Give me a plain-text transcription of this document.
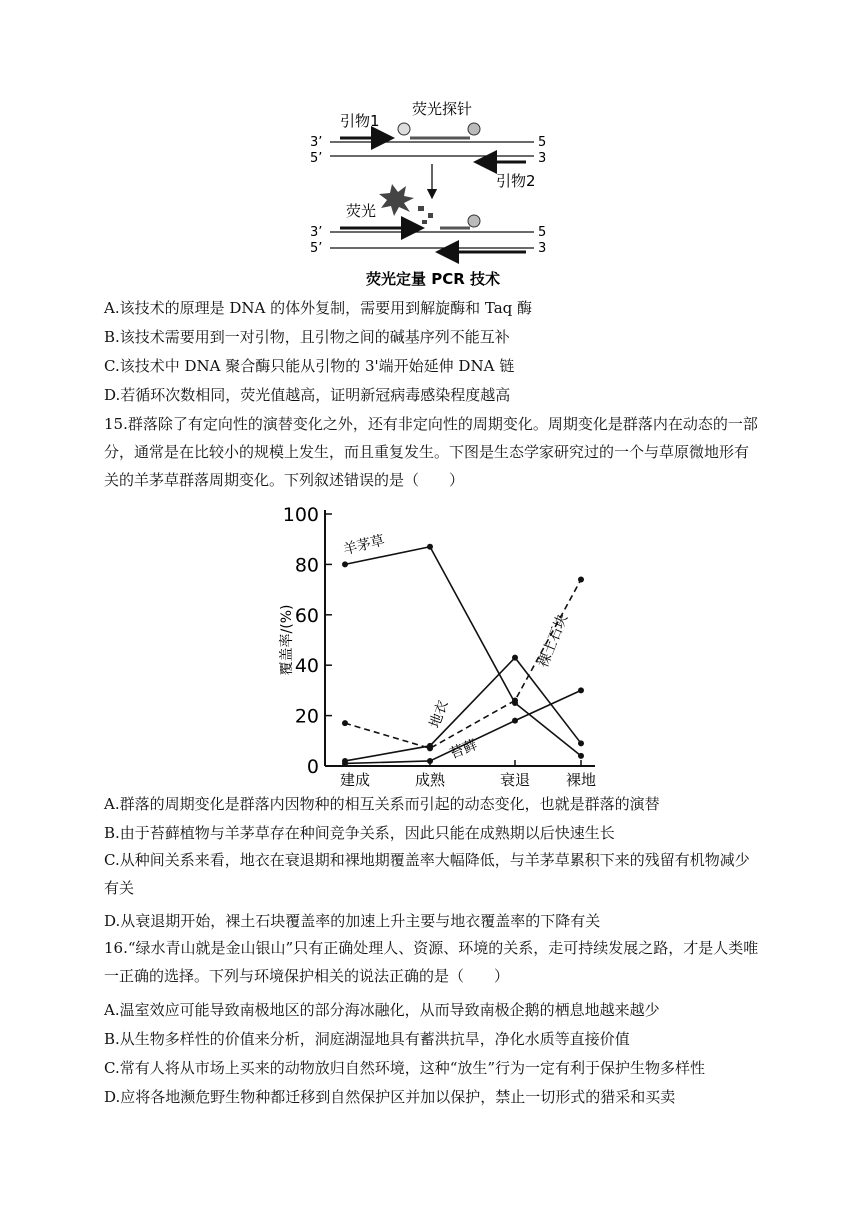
3’
5’
5
3
引物1
荧光探针
引物2
3’
5’
5
3
荧光
荧光定量 PCR 技术
A.该技术的原理是 DNA 的体外复制，需要用到解旋酶和 Taq 酶
B.该技术需要用到一对引物，且引物之间的碱基序列不能互补
C.该技术中 DNA 聚合酶只能从引物的 3'端开始延伸 DNA 链
D.若循环次数相同，荧光值越高，证明新冠病毒感染程度越高
15.群落除了有定向性的演替变化之外，还有非定向性的周期变化。周期变化是群落内在动态的一部分，通常是在比较小的规模上发生，而且重复发生。下图是生态学家研究过的一个与草原微地形有关的羊茅草群落周期变化。下列叙述错误的是（　　）
0
20
40
60
80
100
建成	成熟	衰退 裸地
覆盖率/(%)
羊茅草
地衣
苔藓
裸土石块
A.群落的周期变化是群落内因物种的相互关系而引起的动态变化，也就是群落的演替
B.由于苔藓植物与羊茅草存在种间竞争关系，因此只能在成熟期以后快速生长
C.从种间关系来看，地衣在衰退期和裸地期覆盖率大幅降低，与羊茅草累积下来的残留有机物减少有关
D.从衰退期开始，裸土石块覆盖率的加速上升主要与地衣覆盖率的下降有关
16.“绿水青山就是金山银山”只有正确处理人、资源、环境的关系，走可持续发展之路，才是人类唯一正确的选择。下列与环境保护相关的说法正确的是（　　）
A.温室效应可能导致南极地区的部分海冰融化，从而导致南极企鹅的栖息地越来越少
B.从生物多样性的价值来分析，洞庭湖湿地具有蓄洪抗旱，净化水质等直接价值
C.常有人将从市场上买来的动物放归自然环境，这种“放生”行为一定有利于保护生物多样性
D.应将各地濒危野生物种都迁移到自然保护区并加以保护，禁止一切形式的猎采和买卖
